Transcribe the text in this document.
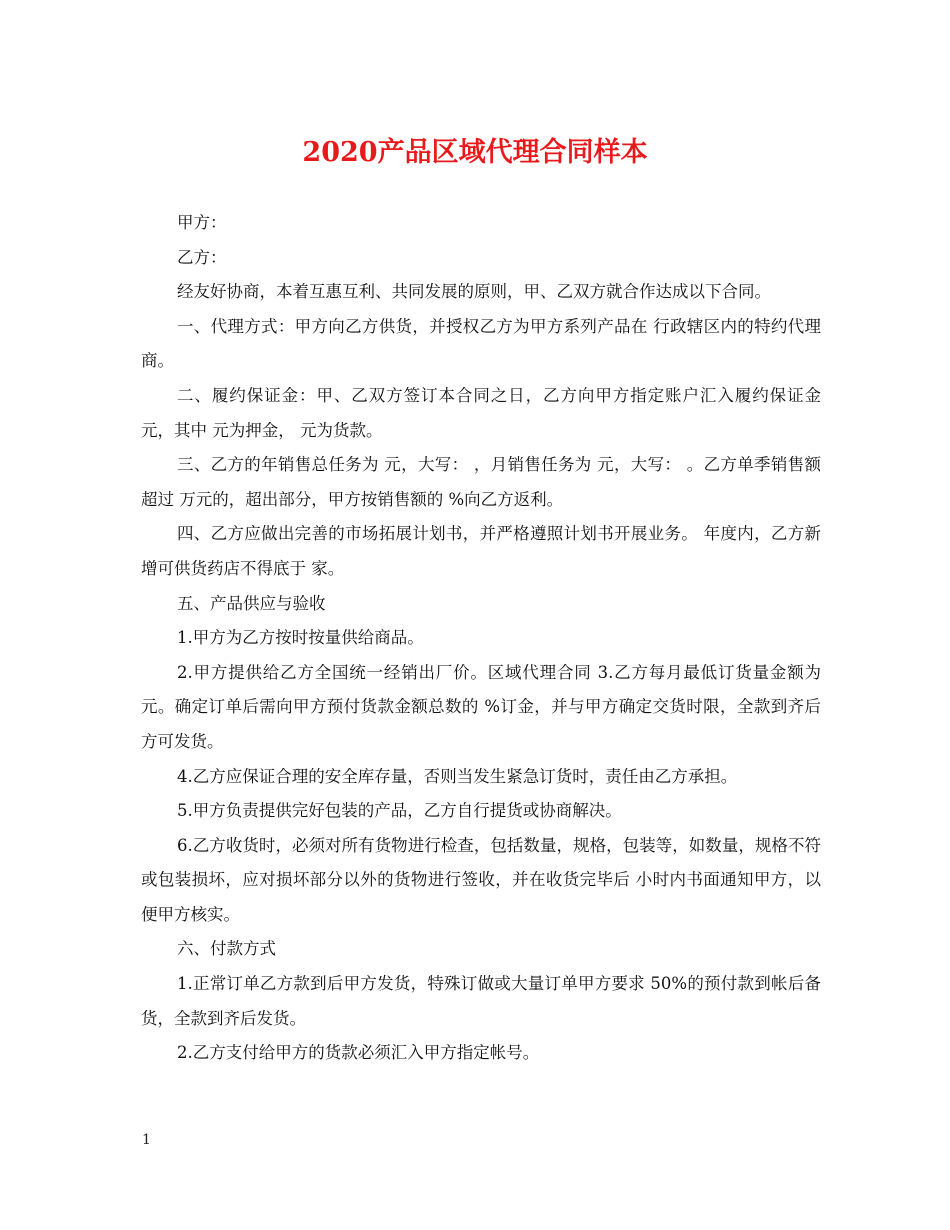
2020产品区域代理合同样本

甲方：

乙方：

经友好协商，本着互惠互利、共同发展的原则，甲、乙双方就合作达成以下合同。

一、代理方式：甲方向乙方供货，并授权乙方为甲方系列产品在 行政辖区内的特约代理商。

二、履约保证金：甲、乙双方签订本合同之日，乙方向甲方指定账户汇入履约保证金 元，其中 元为押金， 元为货款。

三、乙方的年销售总任务为 元，大写： ，月销售任务为 元，大写： 。乙方单季销售额超过 万元的，超出部分，甲方按销售额的 %向乙方返利。

四、乙方应做出完善的市场拓展计划书，并严格遵照计划书开展业务。 年度内，乙方新增可供货药店不得底于 家。

五、产品供应与验收

1.甲方为乙方按时按量供给商品。

2.甲方提供给乙方全国统一经销出厂价。区域代理合同 3.乙方每月最低订货量金额为 元。确定订单后需向甲方预付货款金额总数的 %订金，并与甲方确定交货时限，全款到齐后方可发货。

4.乙方应保证合理的安全库存量，否则当发生紧急订货时，责任由乙方承担。

5.甲方负责提供完好包装的产品，乙方自行提货或协商解决。

6.乙方收货时，必须对所有货物进行检查，包括数量，规格，包装等，如数量，规格不符或包装损坏，应对损坏部分以外的货物进行签收，并在收货完毕后 小时内书面通知甲方，以便甲方核实。

六、付款方式

1.正常订单乙方款到后甲方发货，特殊订做或大量订单甲方要求 50%的预付款到帐后备货，全款到齐后发货。

2.乙方支付给甲方的货款必须汇入甲方指定帐号。

1
